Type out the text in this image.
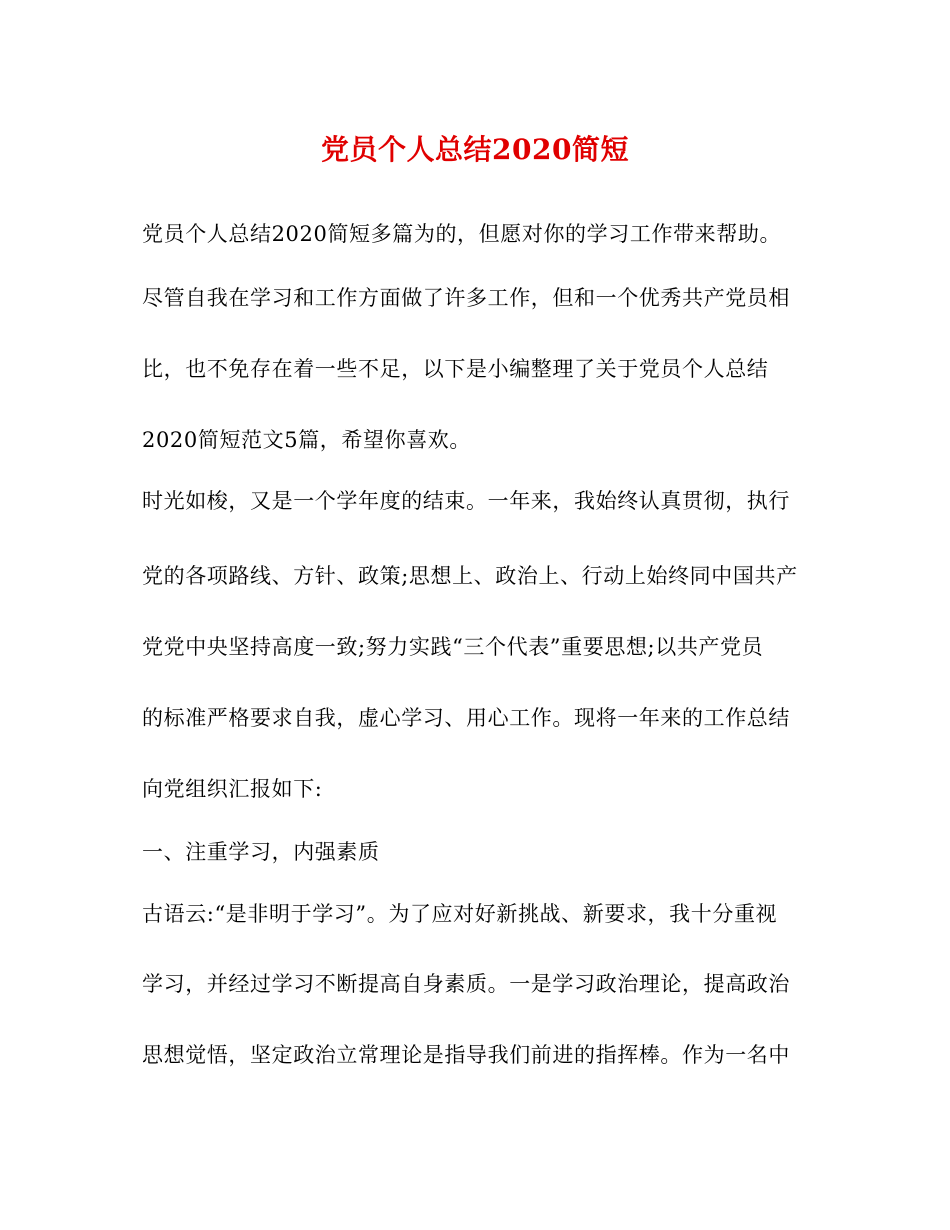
党员个人总结2020简短
党员个人总结2020简短多篇为的，但愿对你的学习工作带来帮助。
尽管自我在学习和工作方面做了许多工作，但和一个优秀共产党员相
比，也不免存在着一些不足，以下是小编整理了关于党员个人总结
2020简短范文5篇，希望你喜欢。
时光如梭，又是一个学年度的结束。一年来，我始终认真贯彻，执行
党的各项路线、方针、政策;思想上、政治上、行动上始终同中国共产
党党中央坚持高度一致;努力实践“三个代表”重要思想;以共产党员
的标准严格要求自我，虚心学习、用心工作。现将一年来的工作总结
向党组织汇报如下:
一、注重学习，内强素质
古语云:“是非明于学习”。为了应对好新挑战、新要求，我十分重视
学习，并经过学习不断提高自身素质。一是学习政治理论，提高政治
思想觉悟，坚定政治立常理论是指导我们前进的指挥棒。作为一名中
